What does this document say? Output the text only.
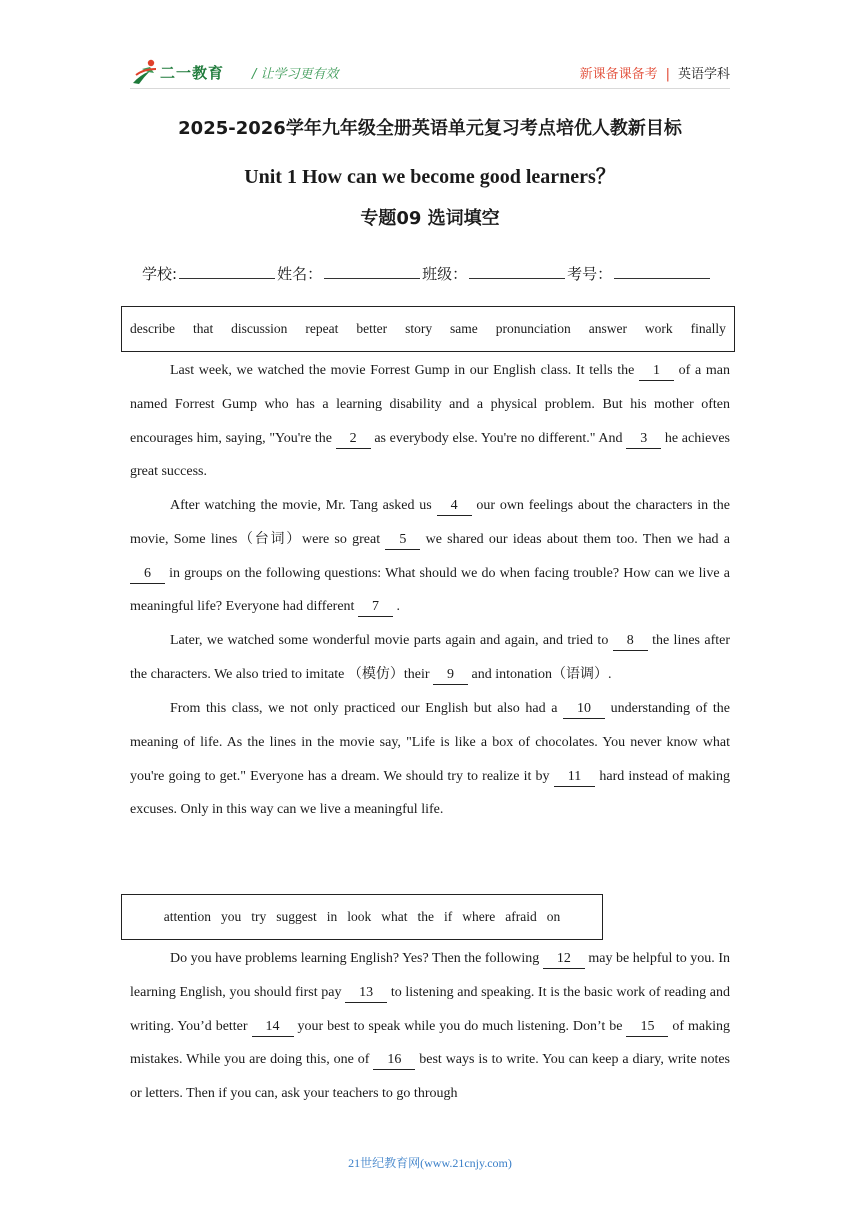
二一教育 / 让学习更有效	新课备课备考 | 英语学科
2025-2026学年九年级全册英语单元复习考点培优人教新目标
Unit 1 How can we become good learners？
专题09 选词填空
学校:	姓名：	班级：	考号：
describe that discussion repeat better story same pronunciation answer work finally

Last week, we watched the movie Forrest Gump in our English class. It tells the 1 of a man named Forrest Gump who has a learning disability and a physical problem. But his mother often encourages him, saying, "You're the 2 as everybody else. You're no different." And 3 he achieves great success.

After watching the movie, Mr. Tang asked us 4 our own feelings about the characters in the movie, Some lines（台词）were so great 5 we shared our ideas about them too. Then we had a 6 in groups on the following questions: What should we do when facing trouble? How can we live a meaningful life? Everyone had different 7 .

Later, we watched some wonderful movie parts again and again, and tried to 8 the lines after the characters. We also tried to imitate （模仿）their 9 and intonation（语调）.

From this class, we not only practiced our English but also had a 10 understanding of the meaning of life. As the lines in the movie say, "Life is like a box of chocolates. You never know what you're going to get." Everyone has a dream. We should try to realize it by 11 hard instead of making excuses. Only in this way can we live a meaningful life.

attention you try suggest in look what the if where afraid on

Do you have problems learning English? Yes? Then the following 12 may be helpful to you. In learning English, you should first pay 13 to listening and speaking. It is the basic work of reading and writing. You’d better 14 your best to speak while you do much listening. Don’t be 15 of making mistakes. While you are doing this, one of 16 best ways is to write. You can keep a diary, write notes or letters. Then if you can, ask your teachers to go through

21世纪教育网(www.21cnjy.com)
